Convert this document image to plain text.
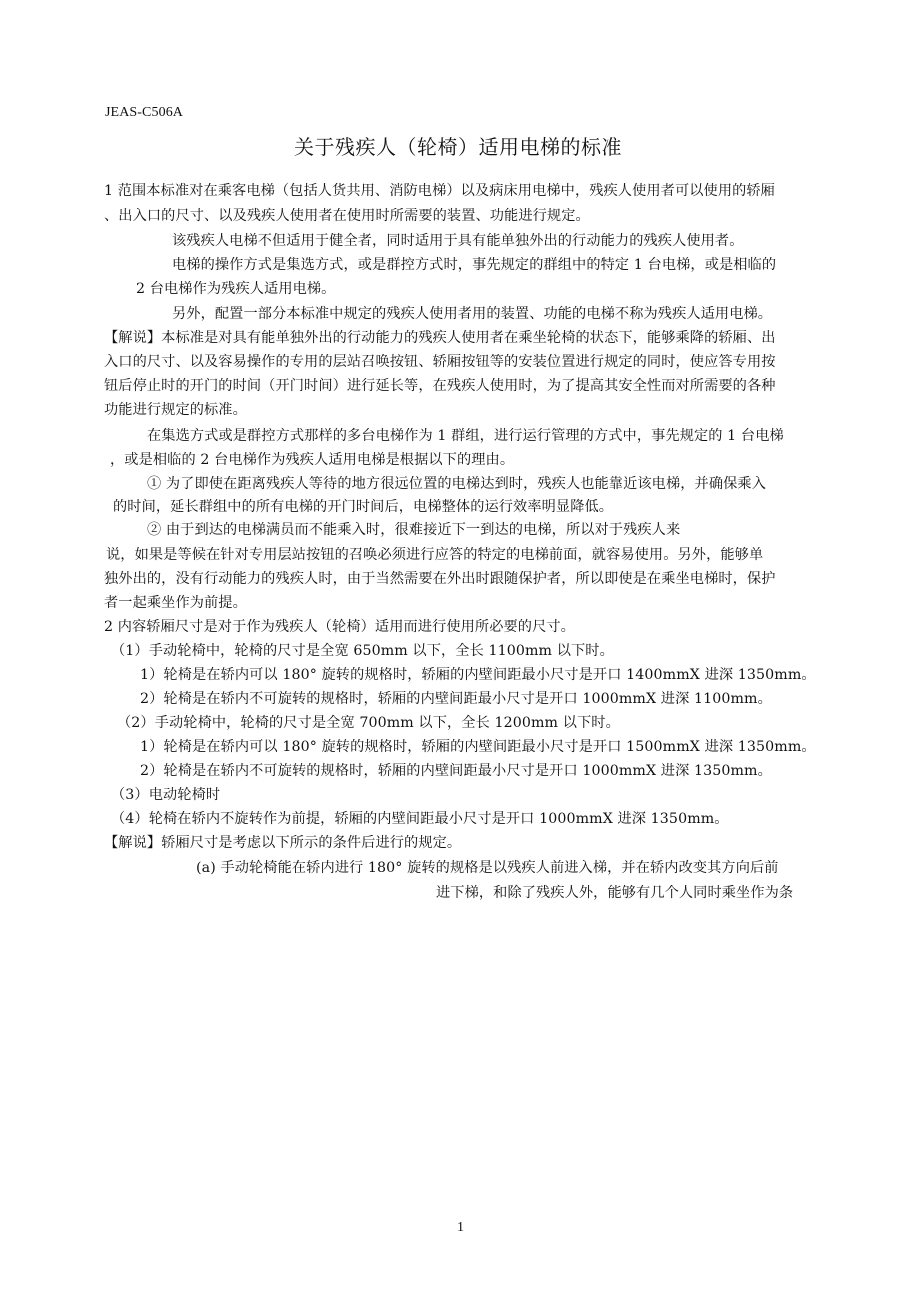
JEAS-C506A
关于残疾人（轮椅）适用电梯的标准
1 范围本标准对在乘客电梯（包括人货共用、消防电梯）以及病床用电梯中，残疾人使用者可以使用的轿厢
、出入口的尺寸、以及残疾人使用者在使用时所需要的装置、功能进行规定。
该残疾人电梯不但适用于健全者，同时适用于具有能单独外出的行动能力的残疾人使用者。
电梯的操作方式是集选方式，或是群控方式时，事先规定的群组中的特定 1 台电梯，或是相临的
2 台电梯作为残疾人适用电梯。
另外，配置一部分本标准中规定的残疾人使用者用的装置、功能的电梯不称为残疾人适用电梯。
【解说】本标准是对具有能单独外出的行动能力的残疾人使用者在乘坐轮椅的状态下，能够乘降的轿厢、出
入口的尺寸、以及容易操作的专用的层站召唤按钮、轿厢按钮等的安装位置进行规定的同时，使应答专用按
钮后停止时的开门的时间（开门时间）进行延长等，在残疾人使用时，为了提高其安全性而对所需要的各种
功能进行规定的标准。
在集选方式或是群控方式那样的多台电梯作为 1 群组，进行运行管理的方式中，事先规定的 1 台电梯
，或是相临的 2 台电梯作为残疾人适用电梯是根据以下的理由。
① 为了即使在距离残疾人等待的地方很远位置的电梯达到时，残疾人也能靠近该电梯，并确保乘入
的时间，延长群组中的所有电梯的开门时间后，电梯整体的运行效率明显降低。
② 由于到达的电梯满员而不能乘入时，很难接近下一到达的电梯，所以对于残疾人来
说，如果是等候在针对专用层站按钮的召唤必须进行应答的特定的电梯前面，就容易使用。另外，能够单
独外出的，没有行动能力的残疾人时，由于当然需要在外出时跟随保护者，所以即使是在乘坐电梯时，保护
者一起乘坐作为前提。
2 内容轿厢尺寸是对于作为残疾人（轮椅）适用而进行使用所必要的尺寸。
（1）手动轮椅中，轮椅的尺寸是全宽 650mm 以下，全长 1100mm 以下时。
1）轮椅是在轿内可以 180° 旋转的规格时，轿厢的内壁间距最小尺寸是开口 1400mmX 进深 1350mm。
2）轮椅是在轿内不可旋转的规格时，轿厢的内壁间距最小尺寸是开口 1000mmX 进深 1100mm。
（2）手动轮椅中，轮椅的尺寸是全宽 700mm 以下，全长 1200mm 以下时。
1）轮椅是在轿内可以 180° 旋转的规格时，轿厢的内壁间距最小尺寸是开口 1500mmX 进深 1350mm。
2）轮椅是在轿内不可旋转的规格时，轿厢的内壁间距最小尺寸是开口 1000mmX 进深 1350mm。
（3）电动轮椅时
（4）轮椅在轿内不旋转作为前提，轿厢的内壁间距最小尺寸是开口 1000mmX 进深 1350mm。
【解说】轿厢尺寸是考虑以下所示的条件后进行的规定。
(a) 手动轮椅能在轿内进行 180° 旋转的规格是以残疾人前进入梯，并在轿内改变其方向后前
进下梯，和除了残疾人外，能够有几个人同时乘坐作为条
1
